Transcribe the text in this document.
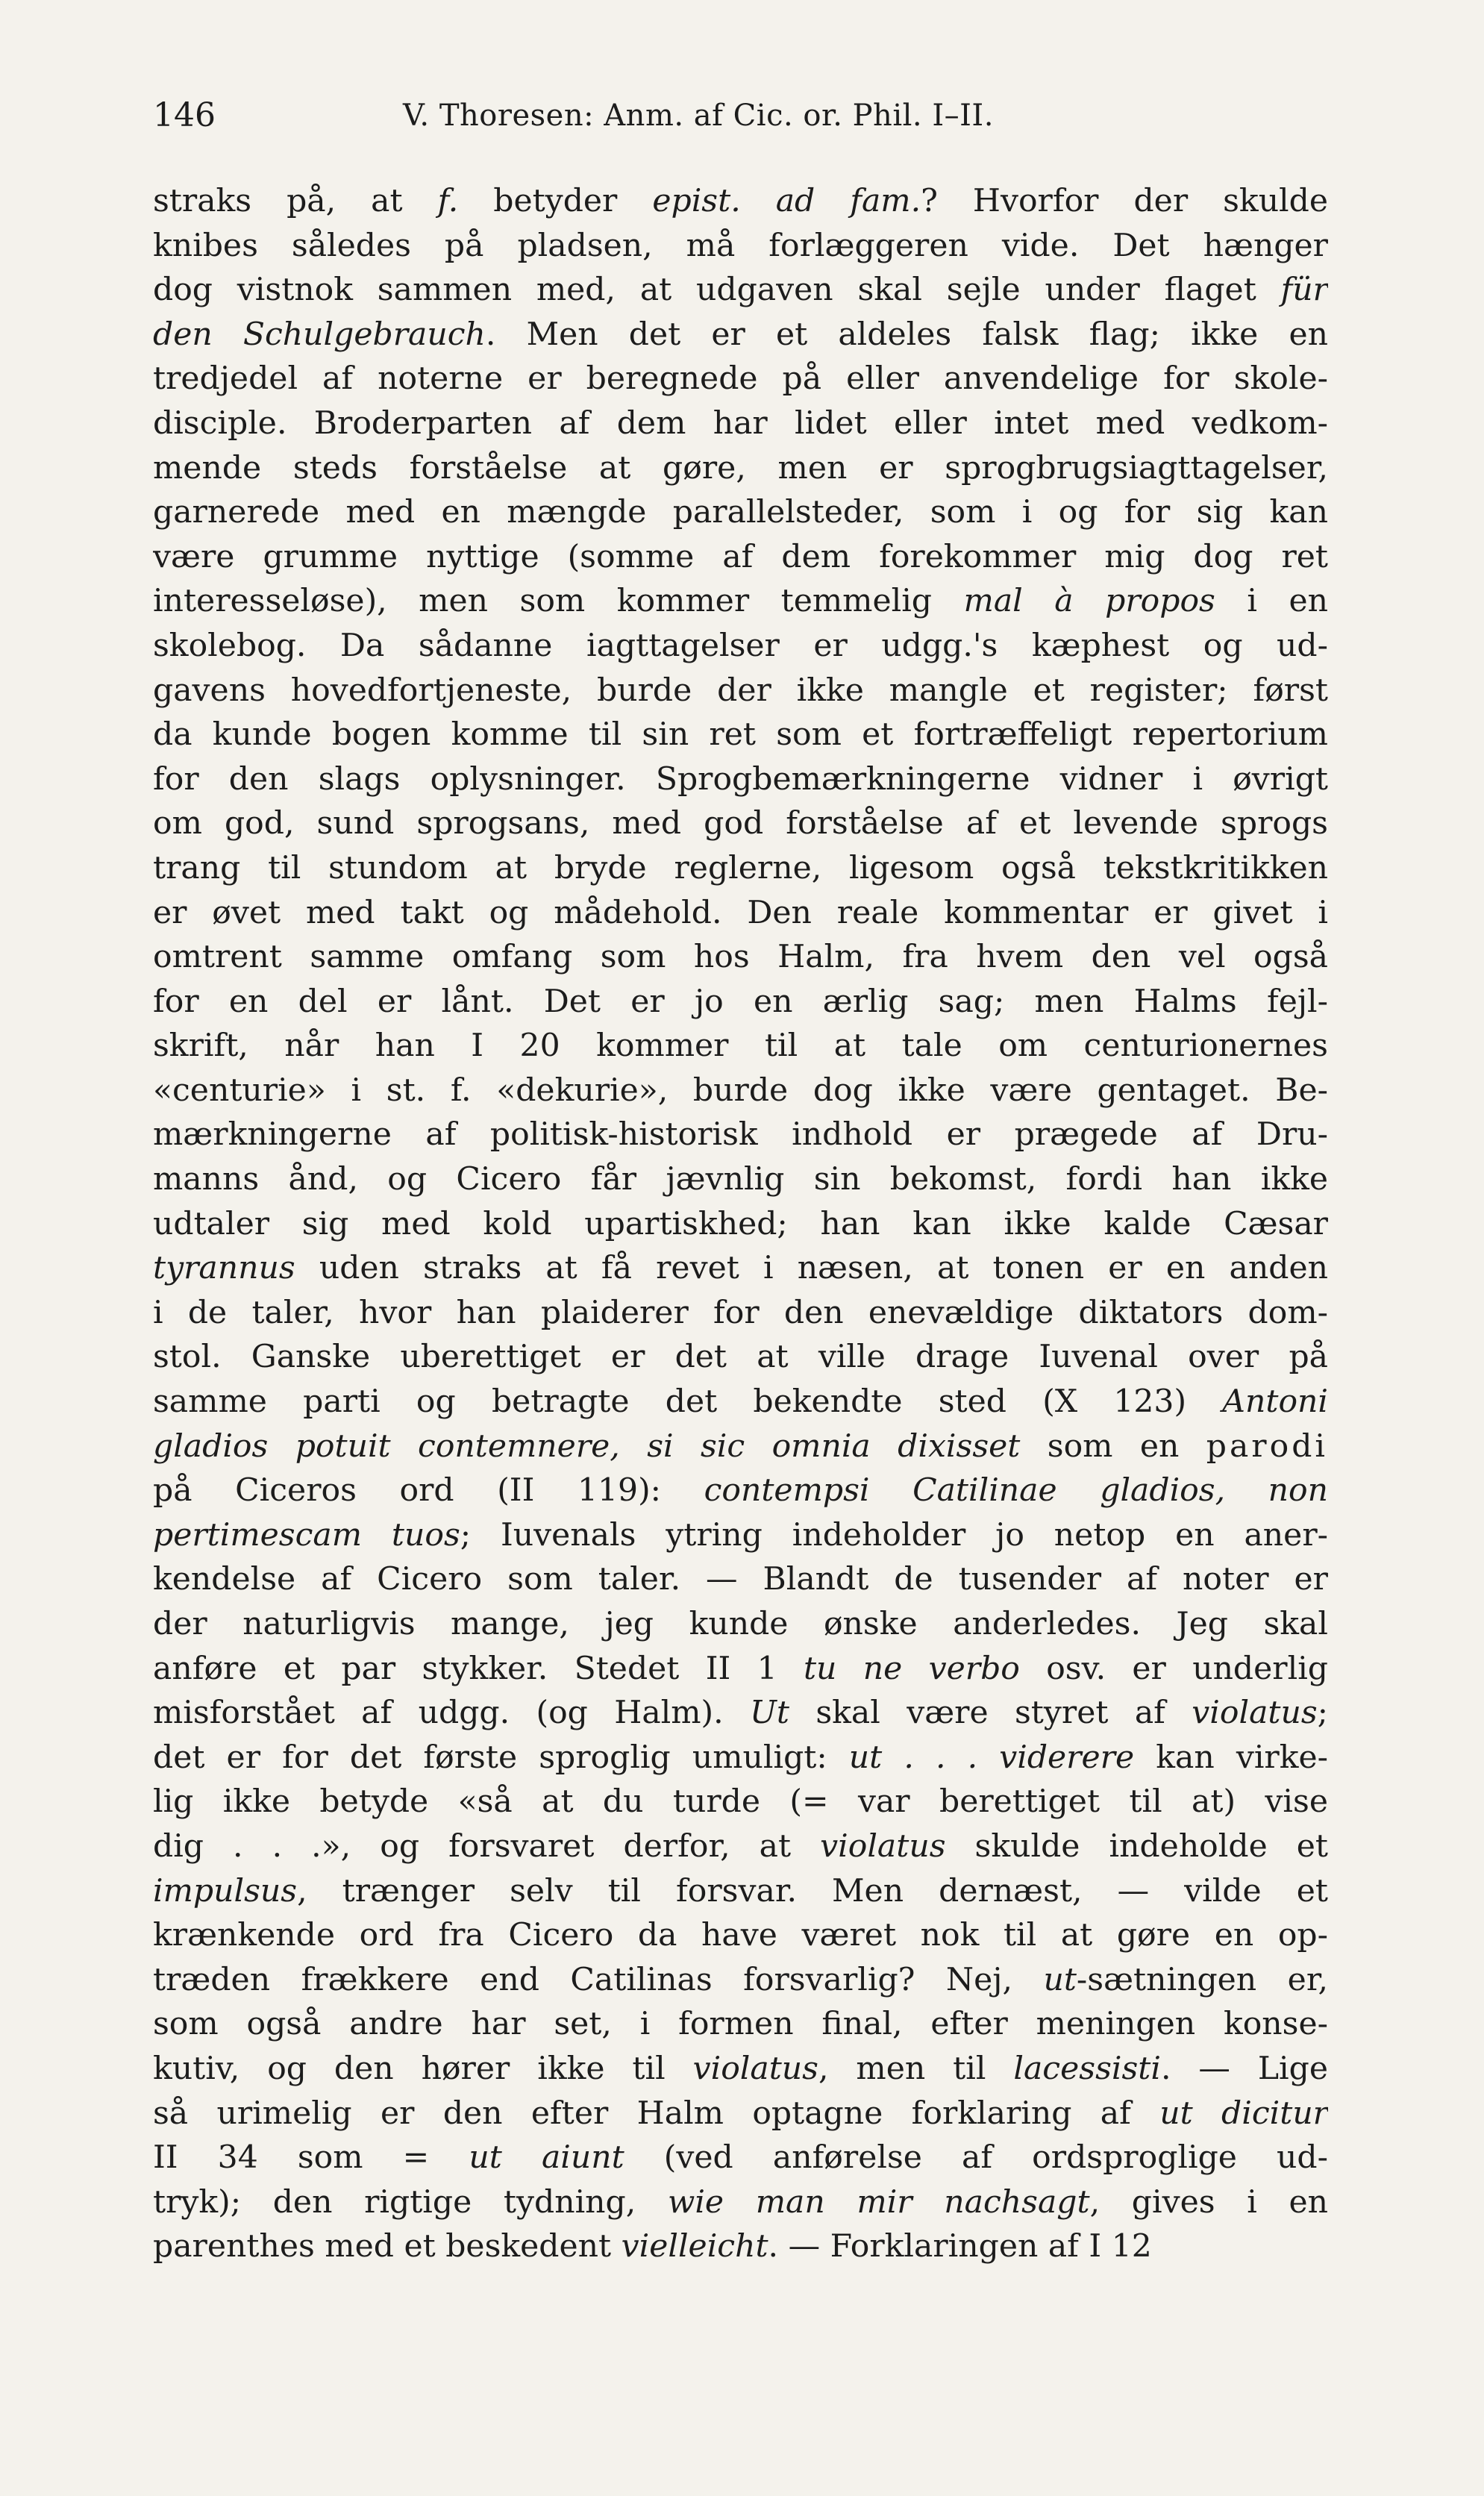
146	V. Thoresen: Anm. af Cic. or. Phil. I–II.
straks på, at f. betyder epist. ad fam.? Hvorfor der skulde
knibes således på pladsen, må forlæggeren vide. Det hænger
dog vistnok sammen med, at udgaven skal sejle under flaget für
den Schulgebrauch. Men det er et aldeles falsk flag; ikke en
tredjedel af noterne er beregnede på eller anvendelige for skole-
disciple. Broderparten af dem har lidet eller intet med vedkom-
mende steds forståelse at gøre, men er sprogbrugsiagttagelser,
garnerede med en mængde parallelsteder, som i og for sig kan
være grumme nyttige (somme af dem forekommer mig dog ret
interesseløse), men som kommer temmelig mal à propos i en
skolebog. Da sådanne iagttagelser er udgg.'s kæphest og ud-
gavens hovedfortjeneste, burde der ikke mangle et register; først
da kunde bogen komme til sin ret som et fortræffeligt repertorium
for den slags oplysninger. Sprogbemærkningerne vidner i øvrigt
om god, sund sprogsans, med god forståelse af et levende sprogs
trang til stundom at bryde reglerne, ligesom også tekstkritikken
er øvet med takt og mådehold. Den reale kommentar er givet i
omtrent samme omfang som hos Halm, fra hvem den vel også
for en del er lånt. Det er jo en ærlig sag; men Halms fejl-
skrift, når han I 20 kommer til at tale om centurionernes
«centurie» i st. f. «dekurie», burde dog ikke være gentaget. Be-
mærkningerne af politisk-historisk indhold er prægede af Dru-
manns ånd, og Cicero får jævnlig sin bekomst, fordi han ikke
udtaler sig med kold upartiskhed; han kan ikke kalde Cæsar
tyrannus uden straks at få revet i næsen, at tonen er en anden
i de taler, hvor han plaiderer for den enevældige diktators dom-
stol. Ganske uberettiget er det at ville drage Iuvenal over på
samme parti og betragte det bekendte sted (X 123) Antoni
gladios potuit contemnere, si sic omnia dixisset som en parodi
på Ciceros ord (II 119): contempsi Catilinae gladios, non
pertimescam tuos; Iuvenals ytring indeholder jo netop en aner-
kendelse af Cicero som taler. — Blandt de tusender af noter er
der naturligvis mange, jeg kunde ønske anderledes. Jeg skal
anføre et par stykker. Stedet II 1 tu ne verbo osv. er underlig
misforstået af udgg. (og Halm). Ut skal være styret af violatus;
det er for det første sproglig umuligt: ut . . . viderere kan virke-
lig ikke betyde «så at du turde (= var berettiget til at) vise
dig . . .», og forsvaret derfor, at violatus skulde indeholde et
impulsus, trænger selv til forsvar. Men dernæst, — vilde et
krænkende ord fra Cicero da have været nok til at gøre en op-
træden frækkere end Catilinas forsvarlig? Nej, ut-sætningen er,
som også andre har set, i formen final, efter meningen konse-
kutiv, og den hører ikke til violatus, men til lacessisti. — Lige
så urimelig er den efter Halm optagne forklaring af ut dicitur
II 34 som = ut aiunt (ved anførelse af ordsproglige ud-
tryk); den rigtige tydning, wie man mir nachsagt, gives i en
parenthes med et beskedent vielleicht. — Forklaringen af I 12
